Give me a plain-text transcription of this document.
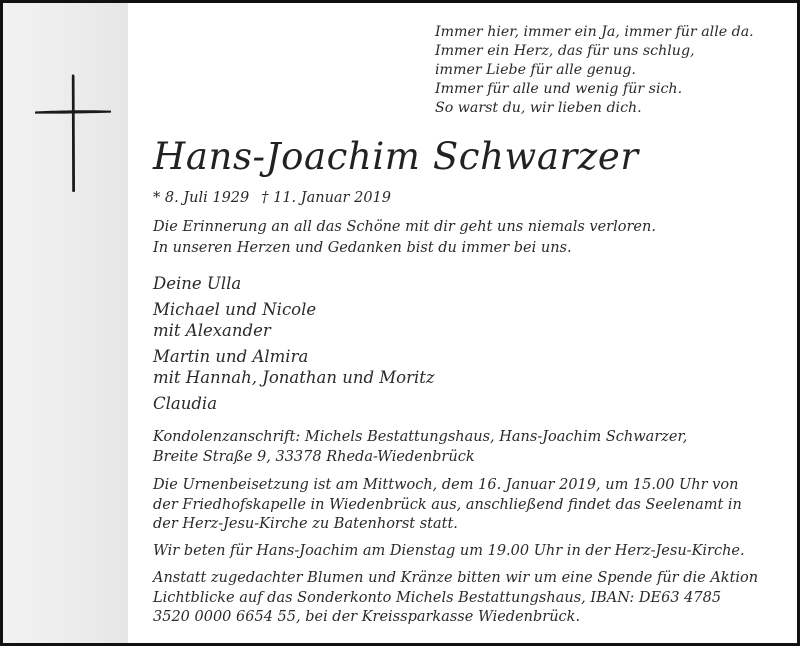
Immer hier, immer ein Ja, immer für alle da.
Immer ein Herz, das für uns schlug,
immer Liebe für alle genug.
Immer für alle und wenig für sich.
So warst du, wir lieben dich.
Hans-Joachim Schwarzer
* 8. Juli 1929 † 11. Januar 2019
Die Erinnerung an all das Schöne mit dir geht uns niemals verloren.
In unseren Herzen und Gedanken bist du immer bei uns.
Deine Ulla
Michael und Nicole
mit Alexander
Martin und Almira
mit Hannah, Jonathan und Moritz
Claudia
Kondolenzanschrift: Michels Bestattungshaus, Hans-Joachim Schwarzer,
Breite Straße 9, 33378 Rheda-Wiedenbrück
Die Urnenbeisetzung ist am Mittwoch, dem 16. Januar 2019, um 15.00 Uhr von
der Friedhofskapelle in Wiedenbrück aus, anschließend findet das Seelenamt in
der Herz-Jesu-Kirche zu Batenhorst statt.
Wir beten für Hans-Joachim am Dienstag um 19.00 Uhr in der Herz-Jesu-Kirche.
Anstatt zugedachter Blumen und Kränze bitten wir um eine Spende für die Aktion
Lichtblicke auf das Sonderkonto Michels Bestattungshaus, IBAN: DE63 4785
3520 0000 6654 55, bei der Kreissparkasse Wiedenbrück.
